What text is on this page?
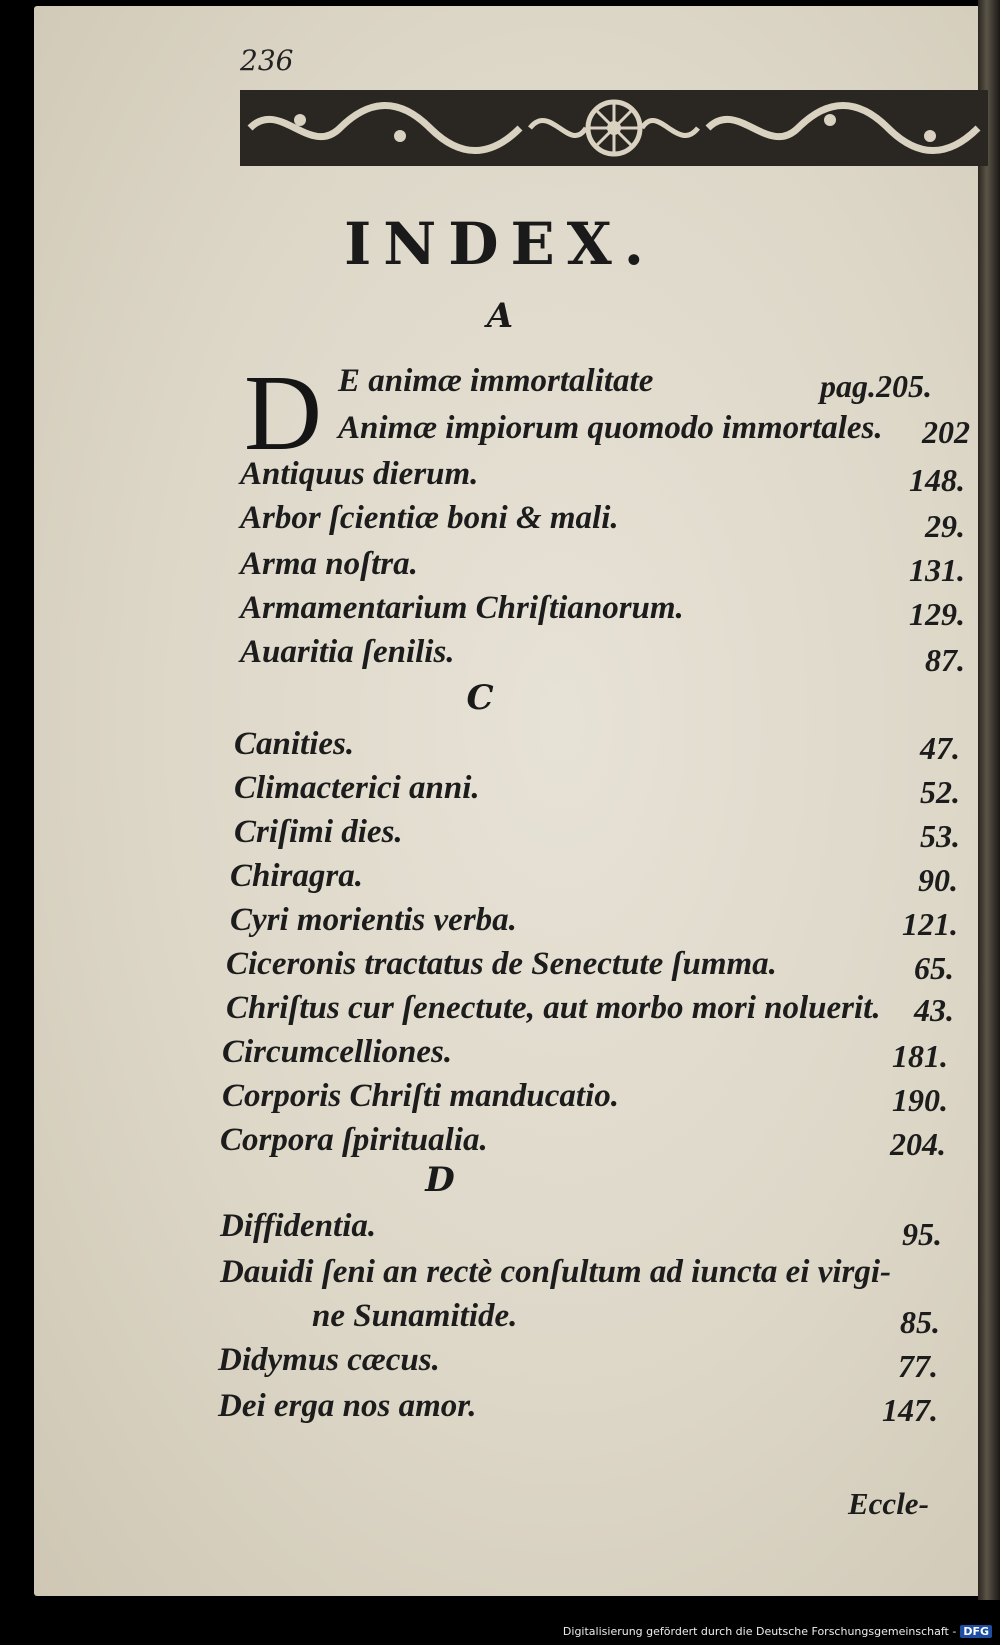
236
INDEX.
A
D E animæ immortalitate	pag.205.
Animæ impiorum quomodo immortales. 202
Antiquus dierum.	148.
Arbor ſcientiæ boni & mali.	29.
Arma noſtra.	131.
Armamentarium Chriſtianorum.	129.
Auaritia ſenilis.	87.
C
Canities.	47.
Climacterici anni.	52.
Criſimi dies.	53.
Chiragra.	90.
Cyri morientis verba.	121.
Ciceronis tractatus de Senectute ſumma.	65.
Chriſtus cur ſenectute, aut morbo mori noluerit. 43.
Circumcelliones.	181.
Corporis Chriſti manducatio.	190.
Corpora ſpiritualia.	204.
D
Diffidentia.	95.
Dauidi ſeni an rectè conſultum ad iuncta ei virgi-
ne Sunamitide.	85.
Didymus cæcus.	77.
Dei erga nos amor.	147.
Eccle-
Digitalisierung gefördert durch die Deutsche Forschungsgemeinschaft - DFG
